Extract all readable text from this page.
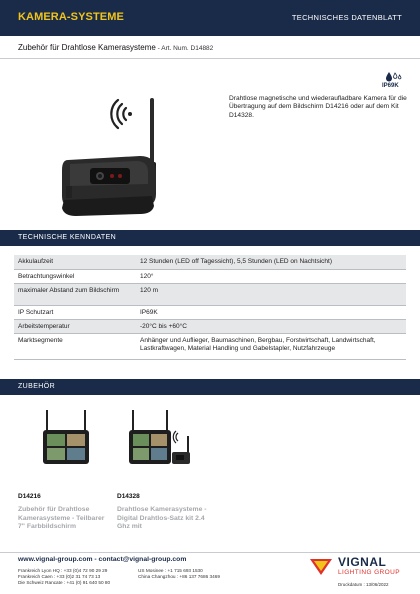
KAMERA-SYSTEME	TECHNISCHES DATENBLATT
Zubehör für Drahtlose Kamerasysteme - Art. Num. D14882
IP69K

Drahtlose magnetische und wiederaufladbare Kamera für die Übertragung auf dem Bildschirm D14216 oder auf dem Kit D14328.

TECHNISCHE KENNDATEN
Akkulaufzeit	12 Stunden (LED off Tagessicht), 5,5 Stunden (LED on Nachtsicht)
Betrachtungswinkel	120°
maximaler Abstand zum Bildschirm	120 m
IP Schutzart	IP69K
Arbeitstemperatur	-20°C bis +60°C
Marktsegmente	Anhänger und Auflieger, Baumaschinen, Bergbau, Forstwirtschaft, Landwirtschaft, Lastkraftwagen, Material Handling und Gabelstapler, Nutzfahrzeuge
ZUBEHÖR
D14216
Zubehör für Drahtlose Kamerasysteme - Teilbarer 7" Farbbildschirm
D14328
Drahtlose Kamerasysteme - Digital Drahtlos-Satz kit 2.4 Ghz mit
www.vignal-group.com - contact@vignal-group.com
Frankreich Lyon HQ : +33 (0)4 72 90 29 29
Frankreich Caen : +33 (0)2 31 74 73 13
Die Schweiz Rancate : +41 (0) 91 640 50 80
US Mosinee : +1 715 693 1530
China Changzhou : +86 137 7686 3469
VIGNAL
LIGHTING GROUP
Druckdatum : 13/06/2022
